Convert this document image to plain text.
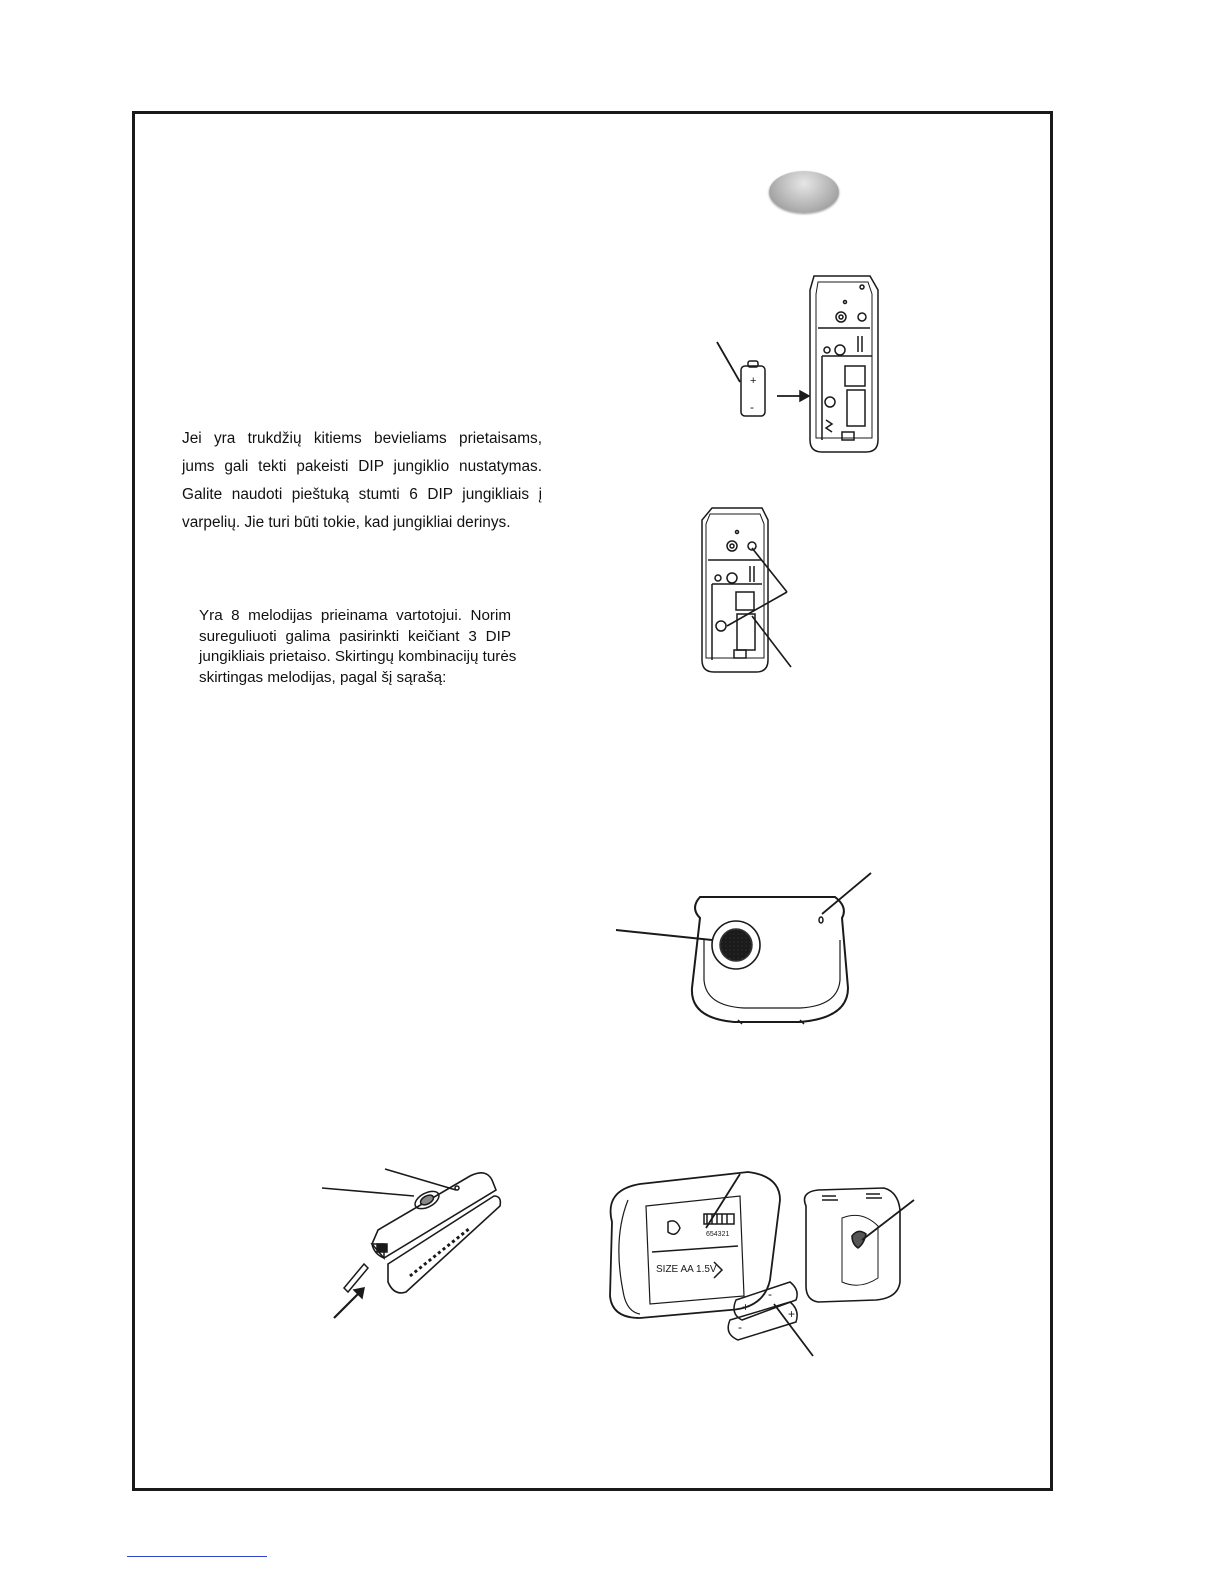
Jei yra trukdžių kitiems bevieliams prietaisams,
jums gali tekti pakeisti DIP jungiklio nustatymas.
Galite naudoti pieštuką stumti 6 DIP jungikliais į
varpelių. Jie turi būti tokie, kad jungikliai derinys.
Yra 8 melodijas prieinama vartotojui. Norim
sureguliuoti galima pasirinkti keičiant 3 DIP
jungikliais prietaiso. Skirtingų kombinacijų turės
skirtingas melodijas, pagal šį sąrašą:
+
-
654321
SIZE AA 1.5V
+
-
-
+
